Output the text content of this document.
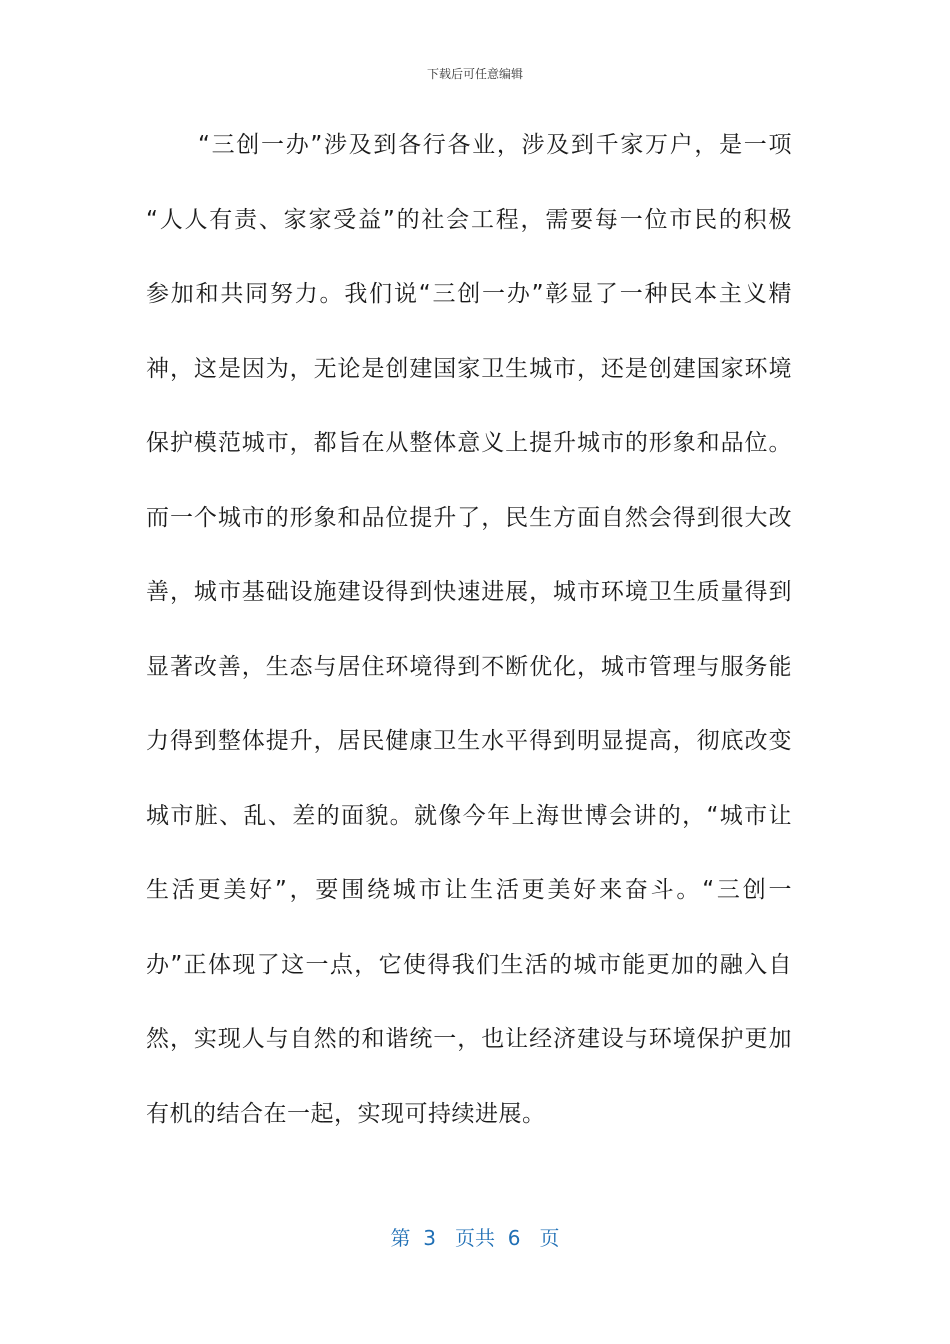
下载后可任意编辑
“三创一办”涉及到各行各业，涉及到千家万户，是一项
“人人有责、家家受益”的社会工程，需要每一位市民的积极
参加和共同努力。我们说“三创一办”彰显了一种民本主义精
神，这是因为，无论是创建国家卫生城市，还是创建国家环境
保护模范城市，都旨在从整体意义上提升城市的形象和品位。
而一个城市的形象和品位提升了，民生方面自然会得到很大改
善，城市基础设施建设得到快速进展，城市环境卫生质量得到
显著改善，生态与居住环境得到不断优化，城市管理与服务能
力得到整体提升，居民健康卫生水平得到明显提高，彻底改变
城市脏、乱、差的面貌。就像今年上海世博会讲的，“城市让
生活更美好”，要围绕城市让生活更美好来奋斗。“三创一
办”正体现了这一点，它使得我们生活的城市能更加的融入自
然，实现人与自然的和谐统一，也让经济建设与环境保护更加
有机的结合在一起，实现可持续进展。
第  3   页共  6   页
